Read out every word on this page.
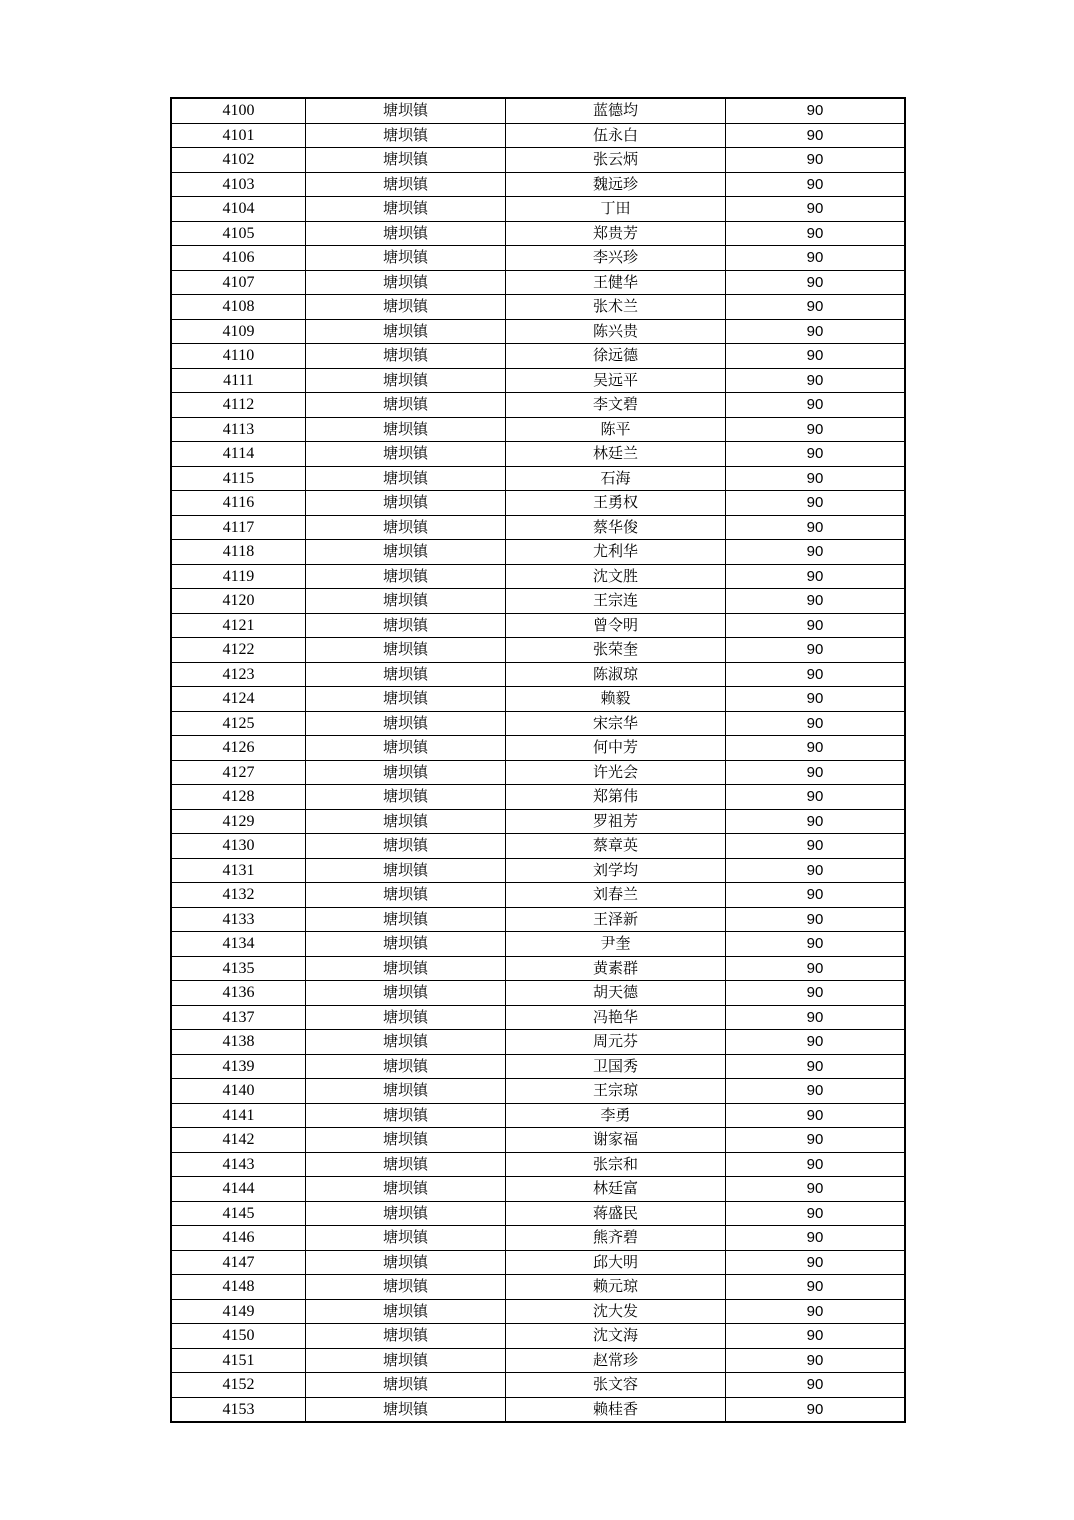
4100	塘坝镇	蓝德均	90
4101	塘坝镇	伍永白	90
4102	塘坝镇	张云炳	90
4103	塘坝镇	魏远珍	90
4104	塘坝镇	丁田	90
4105	塘坝镇	郑贵芳	90
4106	塘坝镇	李兴珍	90
4107	塘坝镇	王健华	90
4108	塘坝镇	张术兰	90
4109	塘坝镇	陈兴贵	90
4110	塘坝镇	徐远德	90
4111	塘坝镇	吴远平	90
4112	塘坝镇	李文碧	90
4113	塘坝镇	陈平	90
4114	塘坝镇	林廷兰	90
4115	塘坝镇	石海	90
4116	塘坝镇	王勇权	90
4117	塘坝镇	蔡华俊	90
4118	塘坝镇	尤利华	90
4119	塘坝镇	沈文胜	90
4120	塘坝镇	王宗连	90
4121	塘坝镇	曾令明	90
4122	塘坝镇	张荣奎	90
4123	塘坝镇	陈淑琼	90
4124	塘坝镇	赖毅	90
4125	塘坝镇	宋宗华	90
4126	塘坝镇	何中芳	90
4127	塘坝镇	许光会	90
4128	塘坝镇	郑第伟	90
4129	塘坝镇	罗祖芳	90
4130	塘坝镇	蔡章英	90
4131	塘坝镇	刘学均	90
4132	塘坝镇	刘春兰	90
4133	塘坝镇	王泽新	90
4134	塘坝镇	尹奎	90
4135	塘坝镇	黄素群	90
4136	塘坝镇	胡天德	90
4137	塘坝镇	冯艳华	90
4138	塘坝镇	周元芬	90
4139	塘坝镇	卫国秀	90
4140	塘坝镇	王宗琼	90
4141	塘坝镇	李勇	90
4142	塘坝镇	谢家福	90
4143	塘坝镇	张宗和	90
4144	塘坝镇	林廷富	90
4145	塘坝镇	蒋盛民	90
4146	塘坝镇	熊齐碧	90
4147	塘坝镇	邱大明	90
4148	塘坝镇	赖元琼	90
4149	塘坝镇	沈大发	90
4150	塘坝镇	沈文海	90
4151	塘坝镇	赵常珍	90
4152	塘坝镇	张文容	90
4153	塘坝镇	赖桂香	90
